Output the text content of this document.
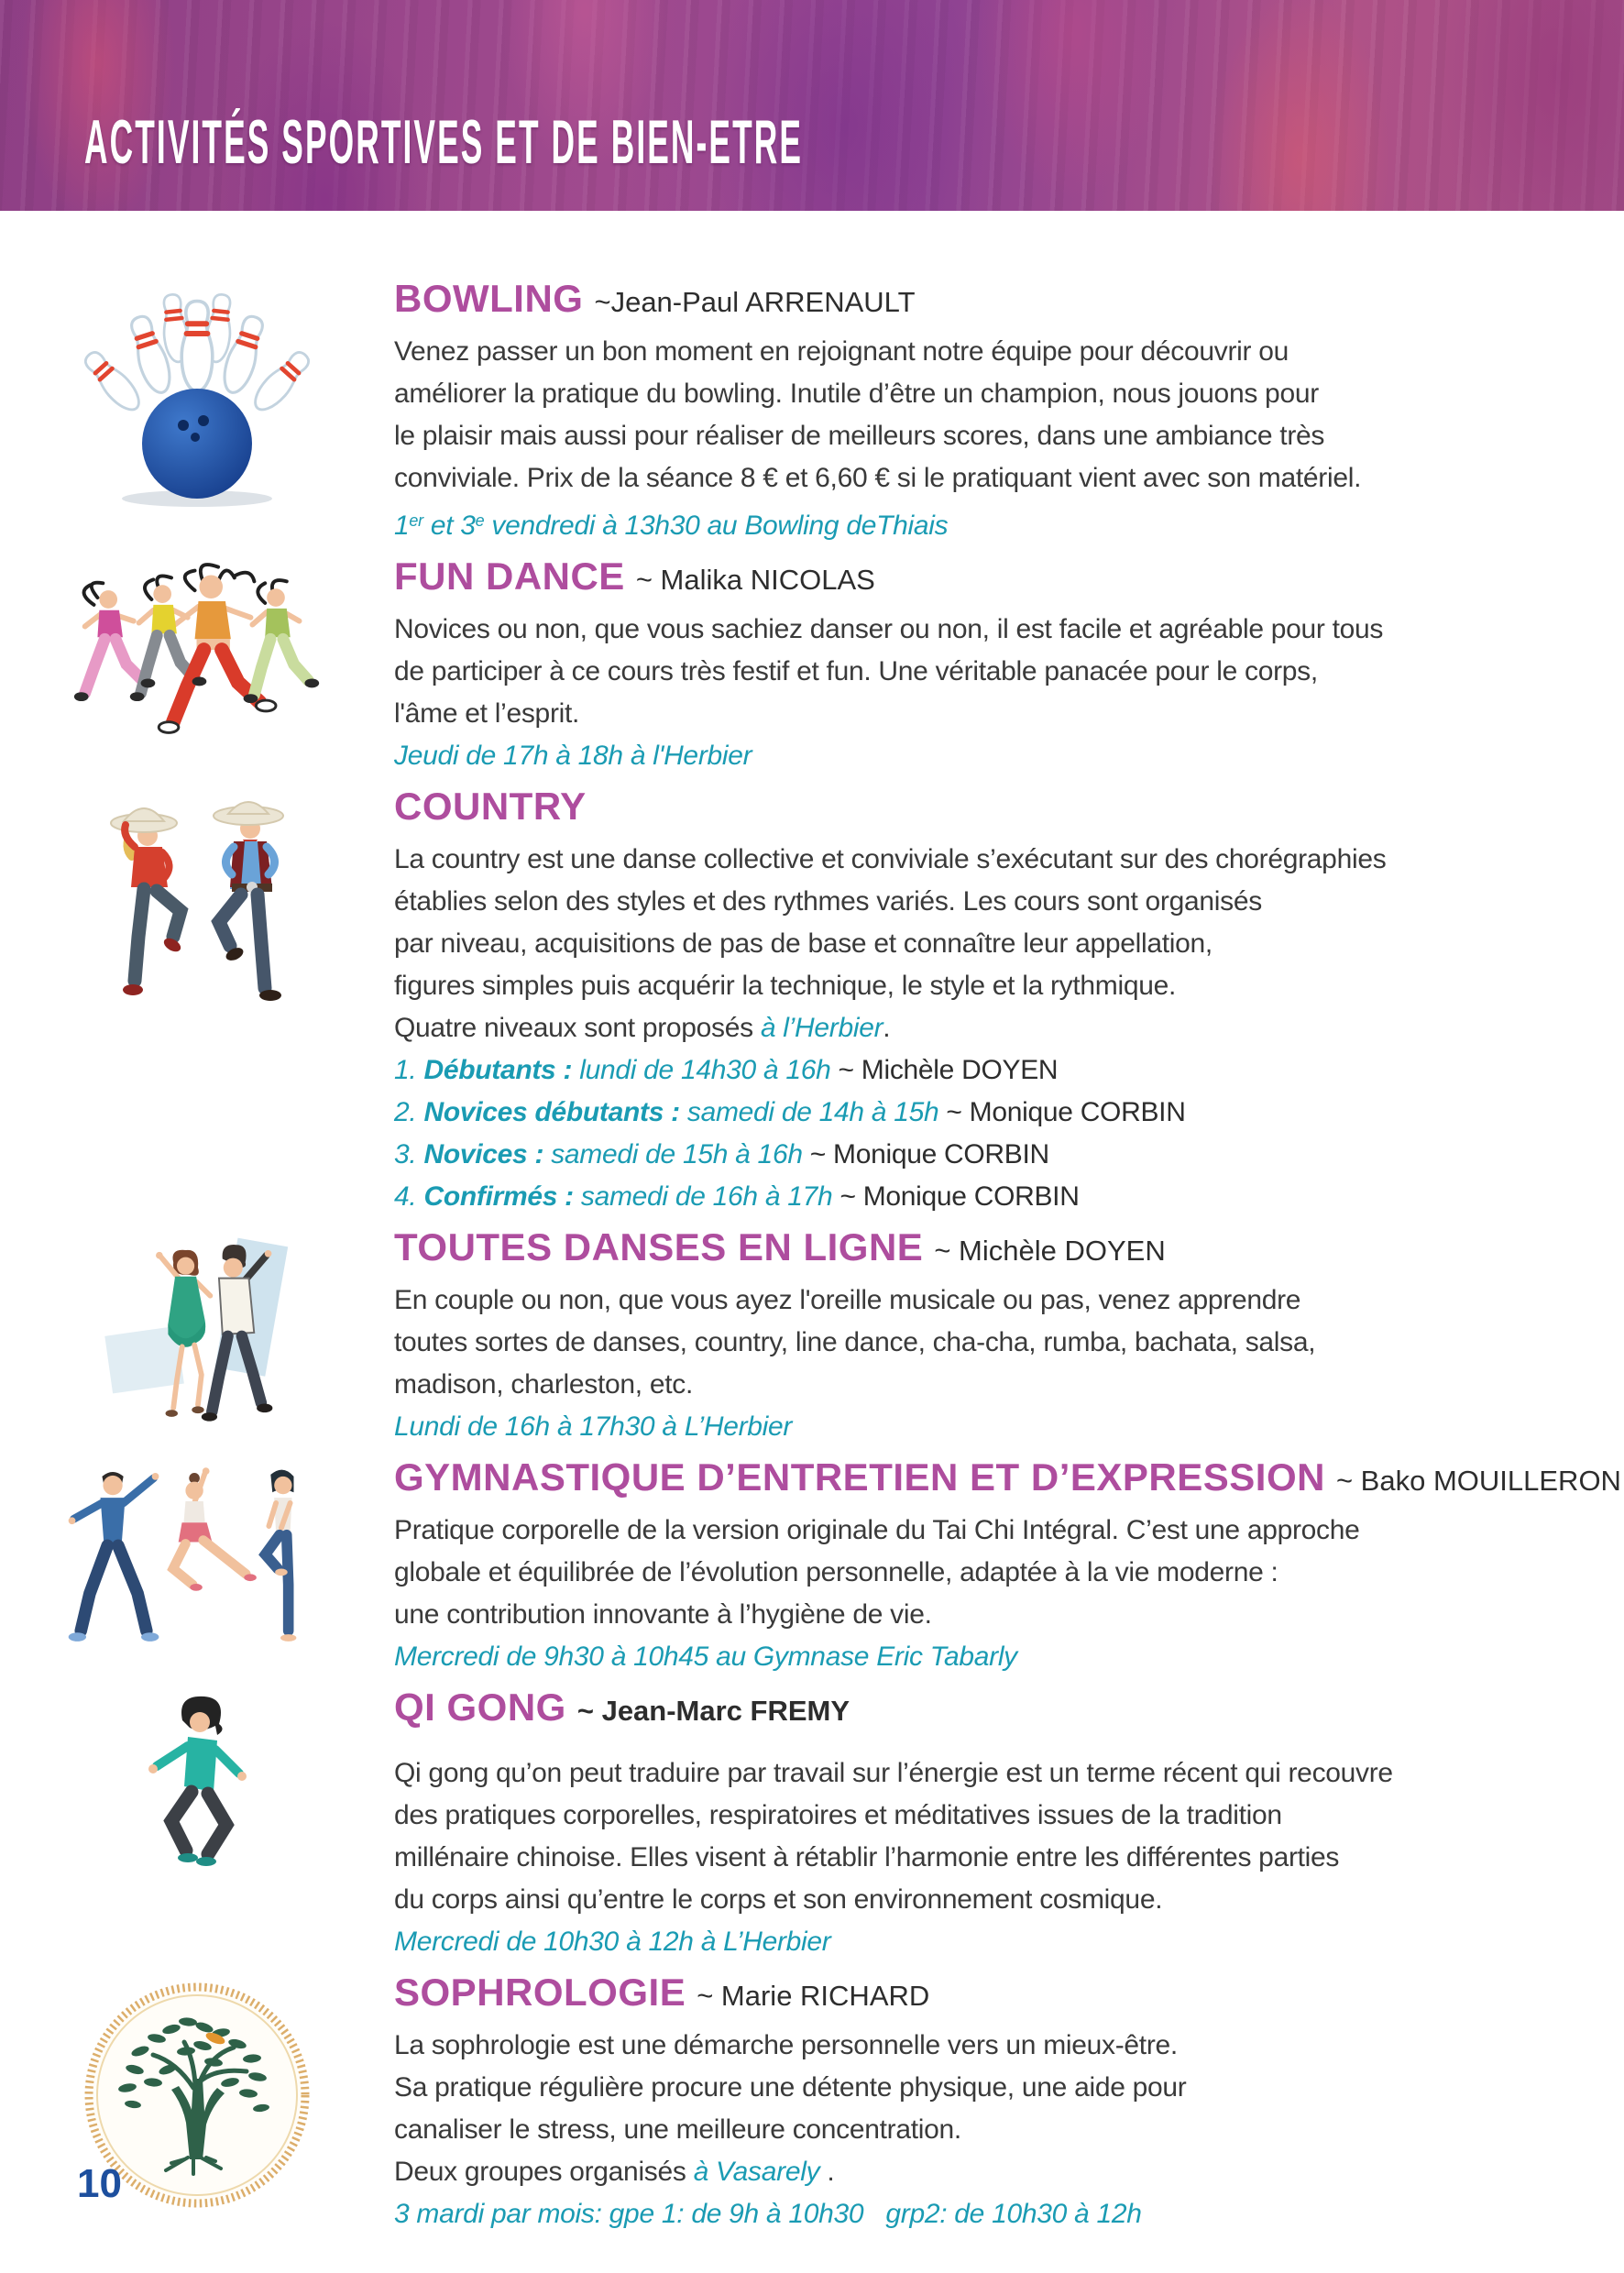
ACTIVITÉS SPORTIVES ET DE BIEN-ETRE
BOWLING ~Jean-Paul ARRENAULT
Venez passer un bon moment en rejoignant notre équipe pour découvrir ou
améliorer la pratique du bowling. Inutile d’être un champion, nous jouons pour
le plaisir mais aussi pour réaliser de meilleurs scores, dans une ambiance très
conviviale. Prix de la séance 8 € et 6,60 € si le pratiquant vient avec son matériel.
1er et 3e vendredi à 13h30 au Bowling deThiais
FUN DANCE ~ Malika NICOLAS
Novices ou non, que vous sachiez danser ou non, il est facile et agréable pour tous
de participer à ce cours très festif et fun. Une véritable panacée pour le corps,
l'âme et l’esprit.
Jeudi de 17h à 18h à l'Herbier
COUNTRY
La country est une danse collective et conviviale s’exécutant sur des chorégraphies
établies selon des styles et des rythmes variés. Les cours sont organisés
par niveau, acquisitions de pas de base et connaître leur appellation,
figures simples puis acquérir la technique, le style et la rythmique.
Quatre niveaux sont proposés à l’Herbier.
1. Débutants : lundi de 14h30 à 16h ~ Michèle DOYEN
2. Novices débutants : samedi de 14h à 15h ~ Monique CORBIN
3. Novices : samedi de 15h à 16h ~ Monique CORBIN
4. Confirmés : samedi de 16h à 17h ~ Monique CORBIN
TOUTES DANSES EN LIGNE ~ Michèle DOYEN
En couple ou non, que vous ayez l'oreille musicale ou pas, venez apprendre
toutes sortes de danses, country, line dance, cha-cha, rumba, bachata, salsa,
madison, charleston, etc.
Lundi de 16h à 17h30 à L’Herbier
GYMNASTIQUE D’ENTRETIEN ET D’EXPRESSION ~ Bako MOUILLERON
Pratique corporelle de la version originale du Tai Chi Intégral. C’est une approche
globale et équilibrée de l’évolution personnelle, adaptée à la vie moderne :
une contribution innovante à l’hygiène de vie.
Mercredi de 9h30 à 10h45 au Gymnase Eric Tabarly
QI GONG ~ Jean-Marc FREMY
Qi gong qu’on peut traduire par travail sur l’énergie est un terme récent qui recouvre
des pratiques corporelles, respiratoires et méditatives issues de la tradition
millénaire chinoise. Elles visent à rétablir l’harmonie entre les différentes parties
du corps ainsi qu’entre le corps et son environnement cosmique.
Mercredi de 10h30 à 12h à L’Herbier
SOPHROLOGIE ~ Marie RICHARD
La sophrologie est une démarche personnelle vers un mieux-être.
Sa pratique régulière procure une détente physique, une aide pour
canaliser le stress, une meilleure concentration.
Deux groupes organisés à Vasarely .
3 mardi par mois: gpe 1: de 9h à 10h30   grp2: de 10h30 à 12h
10
